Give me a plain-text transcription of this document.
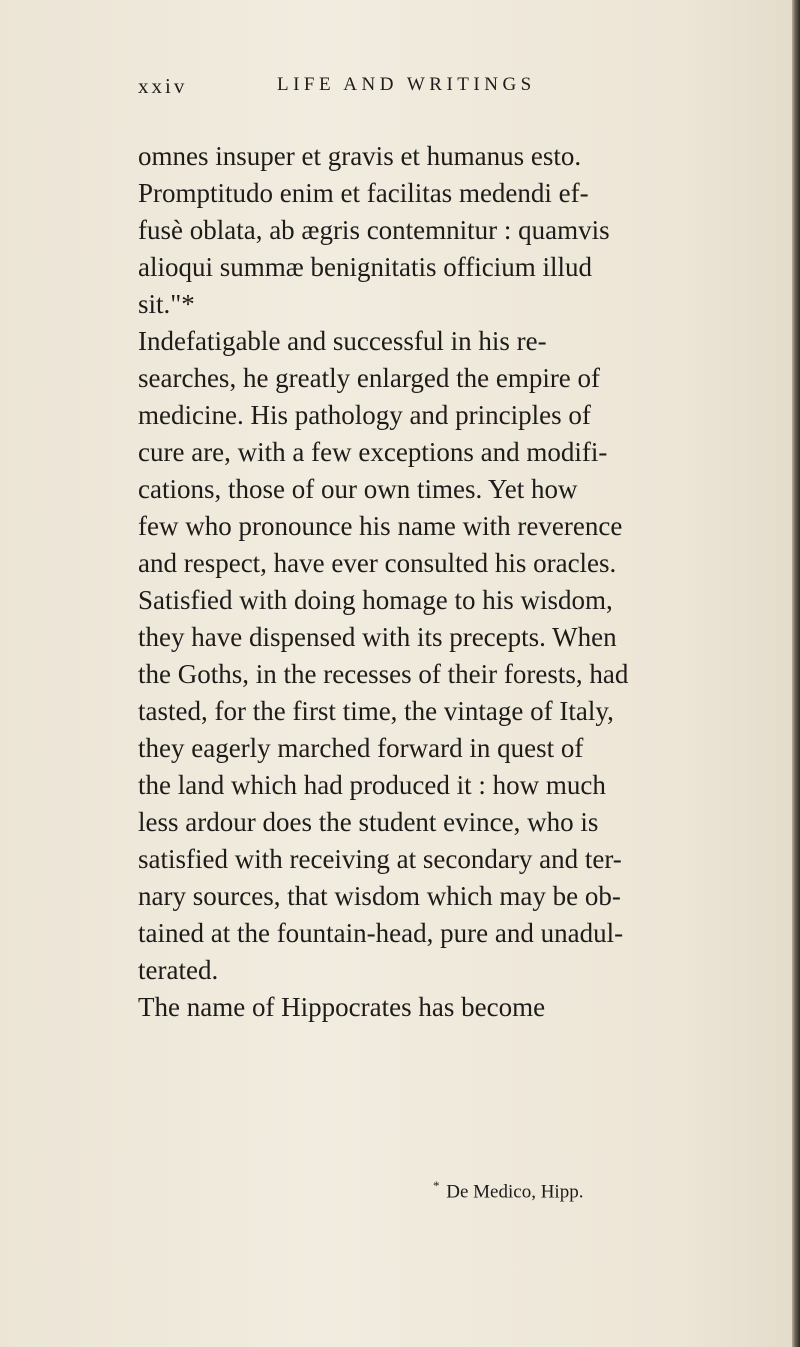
xxiv	LIFE AND WRITINGS
omnes insuper et gravis et humanus esto.
Promptitudo enim et facilitas medendi ef-
fusè oblata, ab ægris contemnitur : quamvis
alioqui summæ benignitatis officium illud
sit."*
Indefatigable and successful in his re-
searches, he greatly enlarged the empire of
medicine. His pathology and principles of
cure are, with a few exceptions and modifi-
cations, those of our own times. Yet how
few who pronounce his name with reverence
and respect, have ever consulted his oracles.
Satisfied with doing homage to his wisdom,
they have dispensed with its precepts. When
the Goths, in the recesses of their forests, had
tasted, for the first time, the vintage of Italy,
they eagerly marched forward in quest of
the land which had produced it : how much
less ardour does the student evince, who is
satisfied with receiving at secondary and ter-
nary sources, that wisdom which may be ob-
tained at the fountain-head, pure and unadul-
terated.
The name of Hippocrates has become
* De Medico, Hipp.
